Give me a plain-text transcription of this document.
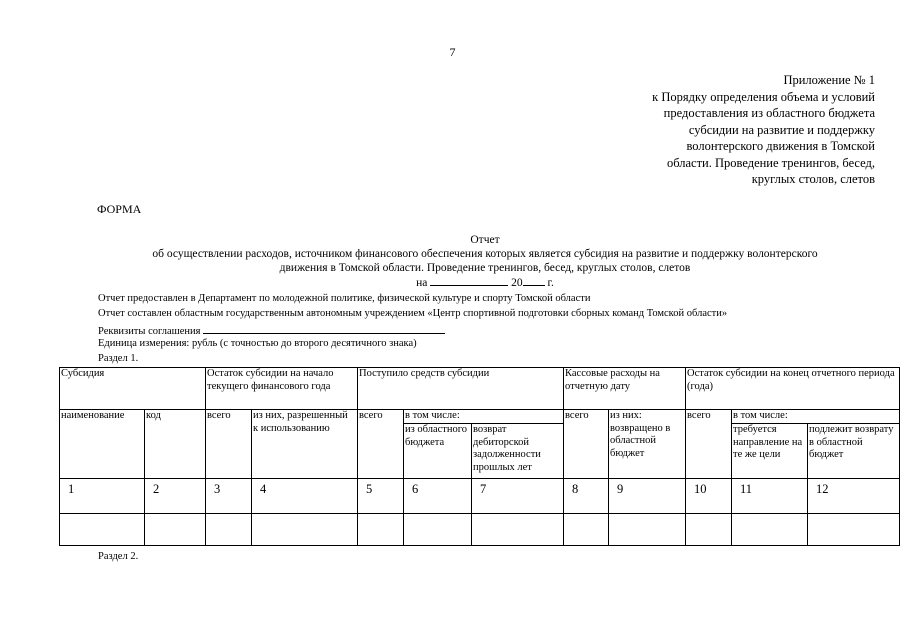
7
Приложение № 1
к Порядку определения объема и условий
предоставления из областного бюджета
субсидии на развитие и поддержку
волонтерского движения в Томской
области. Проведение тренингов, бесед,
круглых столов, слетов
ФОРМА
Отчет
об осуществлении расходов, источником финансового обеспечения которых является субсидия на развитие и поддержку волонтерского
движения в Томской области. Проведение тренингов, бесед, круглых столов, слетов
на	20 г.
Отчет предоставлен в Департамент по молодежной политике, физической культуре и спорту Томской области
Отчет составлен областным государственным автономным учреждением «Центр спортивной подготовки сборных команд Томской области»
Реквизиты соглашения
Единица измерения: рубль (с точностью до второго десятичного знака)
Раздел 1.
Субсидия		Остаток субсидии на начало текущего финансового года		Поступило средств субсидии			Кассовые расходы на отчетную дату		Остаток субсидии на конец отчетного периода (года)		
наименование	код	всего	из них, разрешенный к использованию	всего	в том числе:		всего	из них: возвращено в областной бюджет	всего	в том числе:	
					из областного бюджета	возврат дебиторской задолженности прошлых лет				требуется направление на те же цели	подлежит возврату в областной бюджет
1	2	3	4	5	6	7	8	9	10	11	12

Раздел 2.
